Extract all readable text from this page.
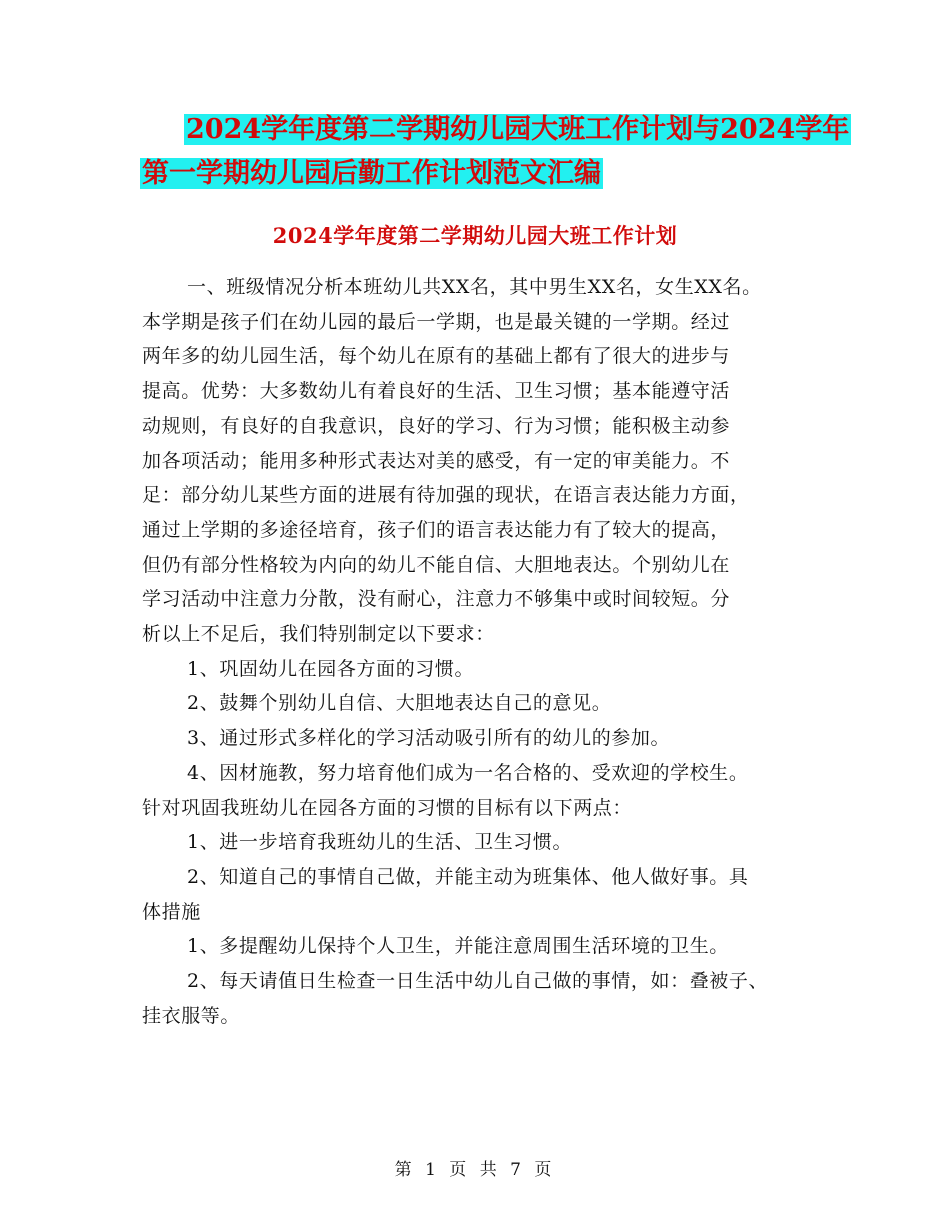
2024学年度第二学期幼儿园大班工作计划与2024学年
第一学期幼儿园后勤工作计划范文汇编
2024学年度第二学期幼儿园大班工作计划
一、班级情况分析本班幼儿共XX名，其中男生XX名，女生XX名。
本学期是孩子们在幼儿园的最后一学期，也是最关键的一学期。经过
两年多的幼儿园生活，每个幼儿在原有的基础上都有了很大的进步与
提高。优势：大多数幼儿有着良好的生活、卫生习惯；基本能遵守活
动规则，有良好的自我意识，良好的学习、行为习惯；能积极主动参
加各项活动；能用多种形式表达对美的感受，有一定的审美能力。不
足：部分幼儿某些方面的进展有待加强的现状，在语言表达能力方面，
通过上学期的多途径培育，孩子们的语言表达能力有了较大的提高，
但仍有部分性格较为内向的幼儿不能自信、大胆地表达。个别幼儿在
学习活动中注意力分散，没有耐心，注意力不够集中或时间较短。分
析以上不足后，我们特别制定以下要求：
1、巩固幼儿在园各方面的习惯。
2、鼓舞个别幼儿自信、大胆地表达自己的意见。
3、通过形式多样化的学习活动吸引所有的幼儿的参加。
4、因材施教，努力培育他们成为一名合格的、受欢迎的学校生。
针对巩固我班幼儿在园各方面的习惯的目标有以下两点：
1、进一步培育我班幼儿的生活、卫生习惯。
2、知道自己的事情自己做，并能主动为班集体、他人做好事。具
体措施
1、多提醒幼儿保持个人卫生，并能注意周围生活环境的卫生。
2、每天请值日生检查一日生活中幼儿自己做的事情，如：叠被子、
挂衣服等。
第 1 页 共 7 页
